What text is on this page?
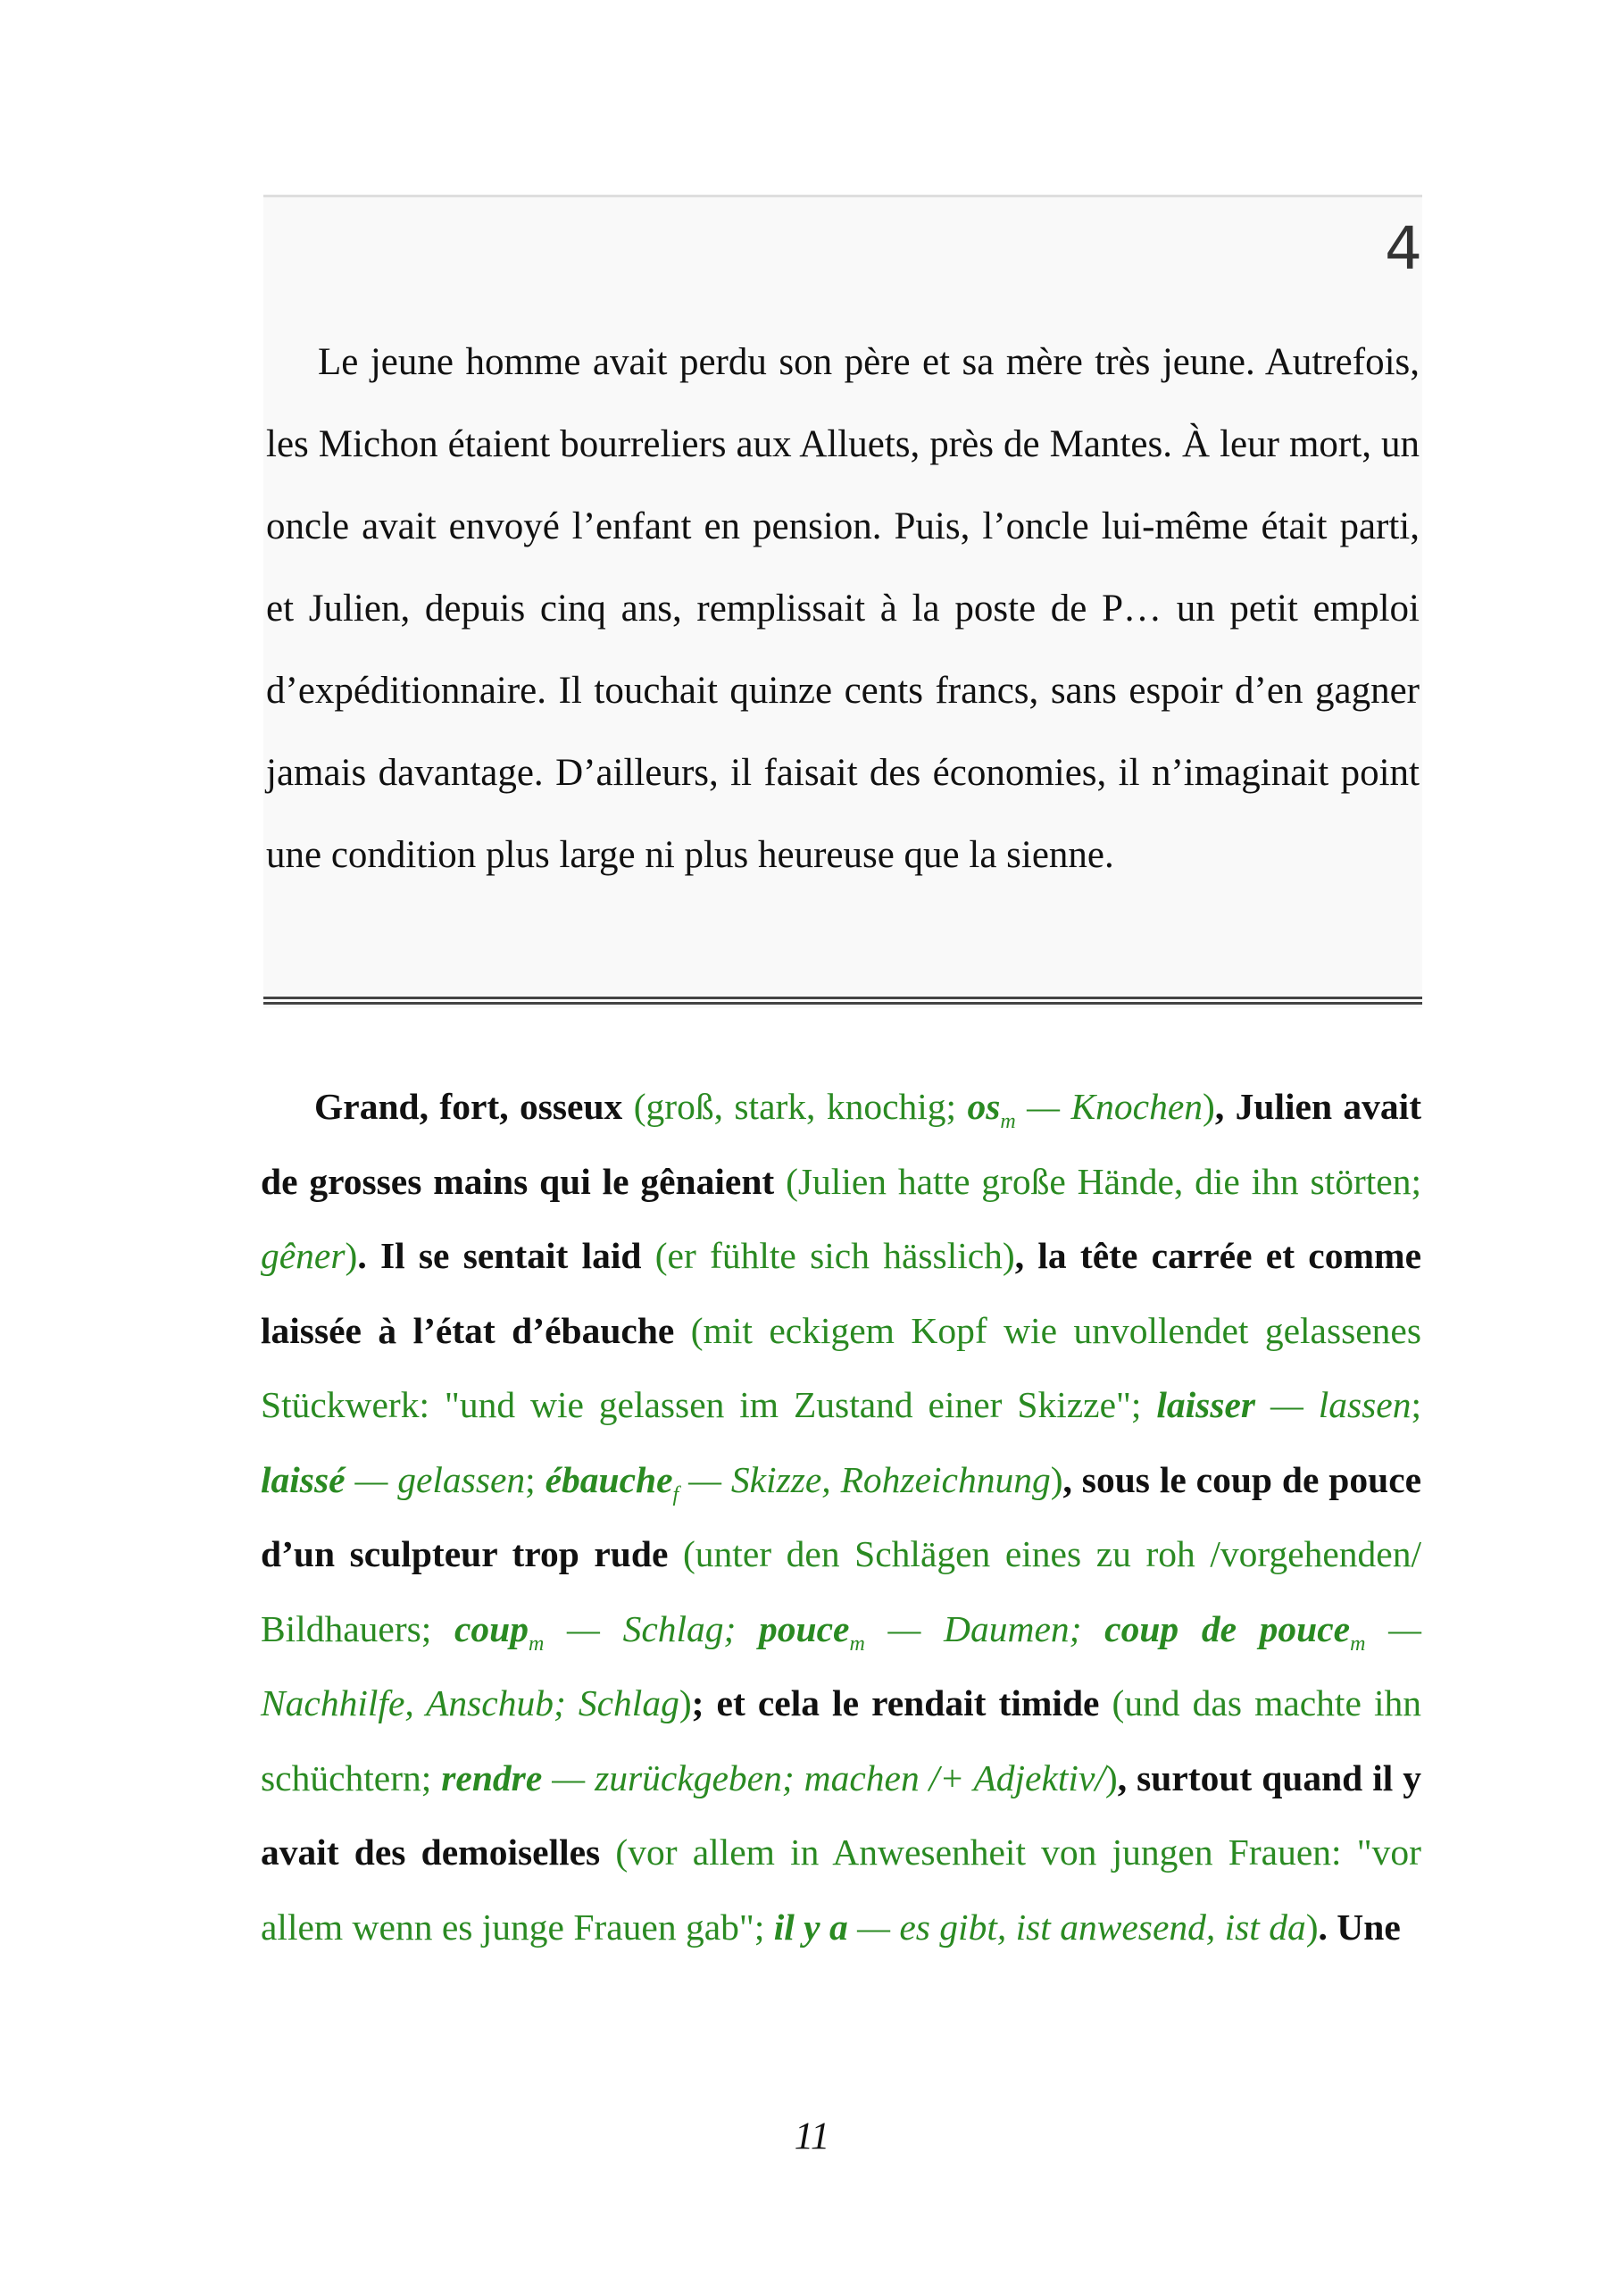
4

Le jeune homme avait perdu son père et sa mère très jeune. Autrefois, les Michon étaient bourreliers aux Alluets, près de Mantes. À leur mort, un oncle avait envoyé l’enfant en pension. Puis, l’oncle lui-même était parti, et Julien, depuis cinq ans, remplissait à la poste de P… un petit emploi d’expéditionnaire. Il touchait quinze cents francs, sans espoir d’en gagner jamais davantage. D’ailleurs, il faisait des économies, il n’imaginait point une condition plus large ni plus heureuse que la sienne.

Grand, fort, osseux (groß, stark, knochig; $os_m$ — Knochen), Julien avait de grosses mains qui le gênaient (Julien hatte große Hände, die ihn störten; gêner). Il se sentait laid (er fühlte sich hässlich), la tête carrée et comme laissée à l’état d’ébauche (mit eckigem Kopf wie unvollendet gelassenes Stückwerk: "und wie gelassen im Zustand einer Skizze"; laisser — lassen; laissé — gelassen; ébauche$_f$ — Skizze, Rohzeichnung), sous le coup de pouce d’un sculpteur trop rude (unter den Schlägen eines zu roh /vorgehenden/ Bildhauers; coup$_m$ — Schlag; pouce$_m$ — Daumen; coup de pouce$_m$ — Nachhilfe, Anschub; Schlag); et cela le rendait timide (und das machte ihn schüchtern; rendre — zurückgeben; machen /+ Adjektiv/), surtout quand il y avait des demoiselles (vor allem in Anwesenheit von jungen Frauen: "vor allem wenn es junge Frauen gab"; il y a — es gibt, ist anwesend, ist da). Une

11
